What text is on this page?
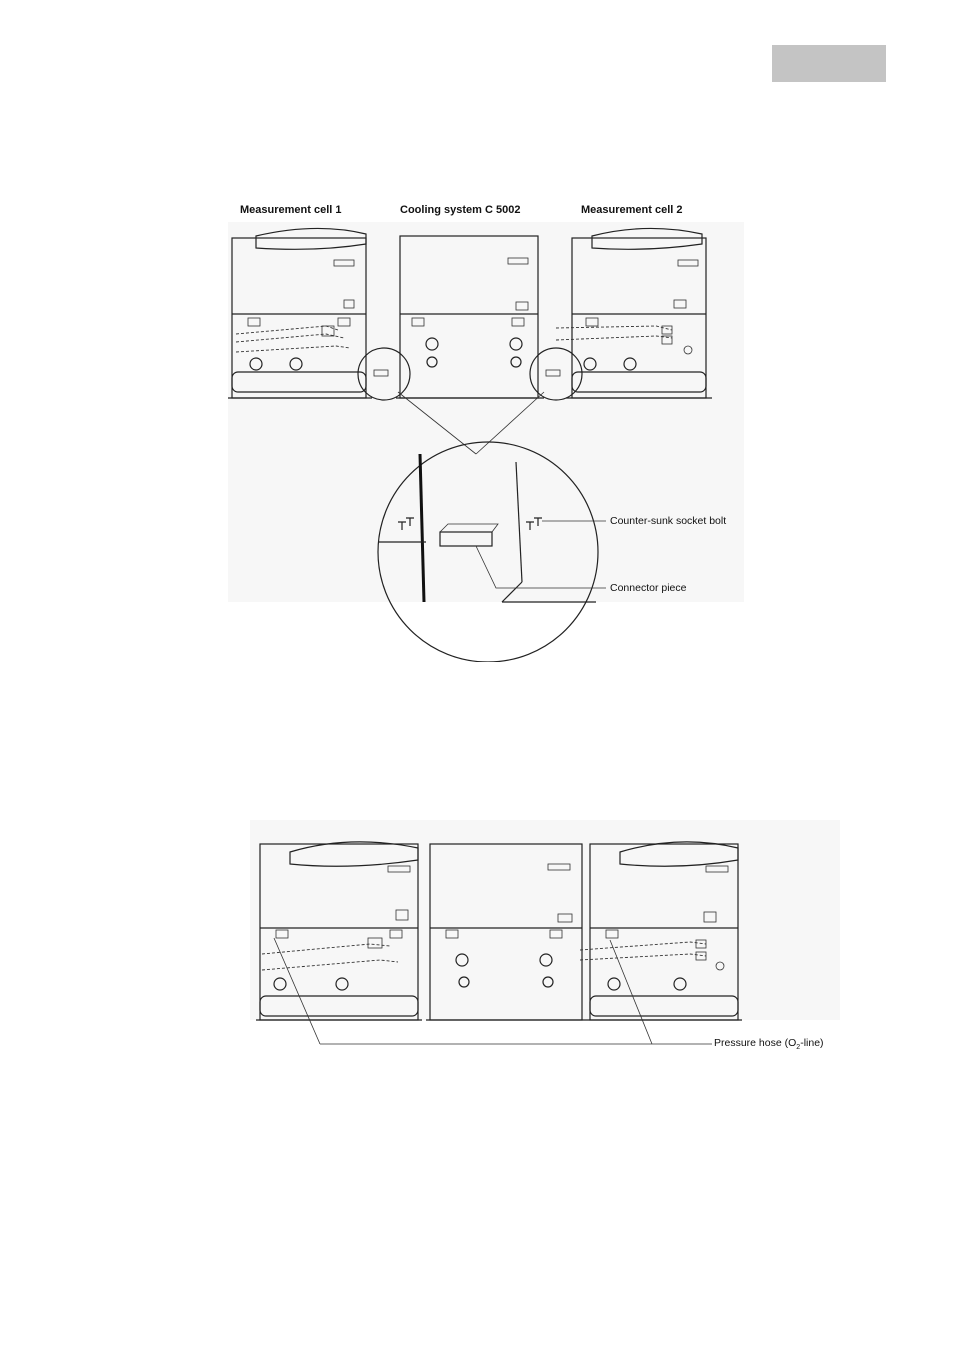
Measurement cell 1	Cooling system C 5002	Measurement cell 2
Counter-sunk socket bolt
Connector piece
Pressure hose $(O_2-line)$
